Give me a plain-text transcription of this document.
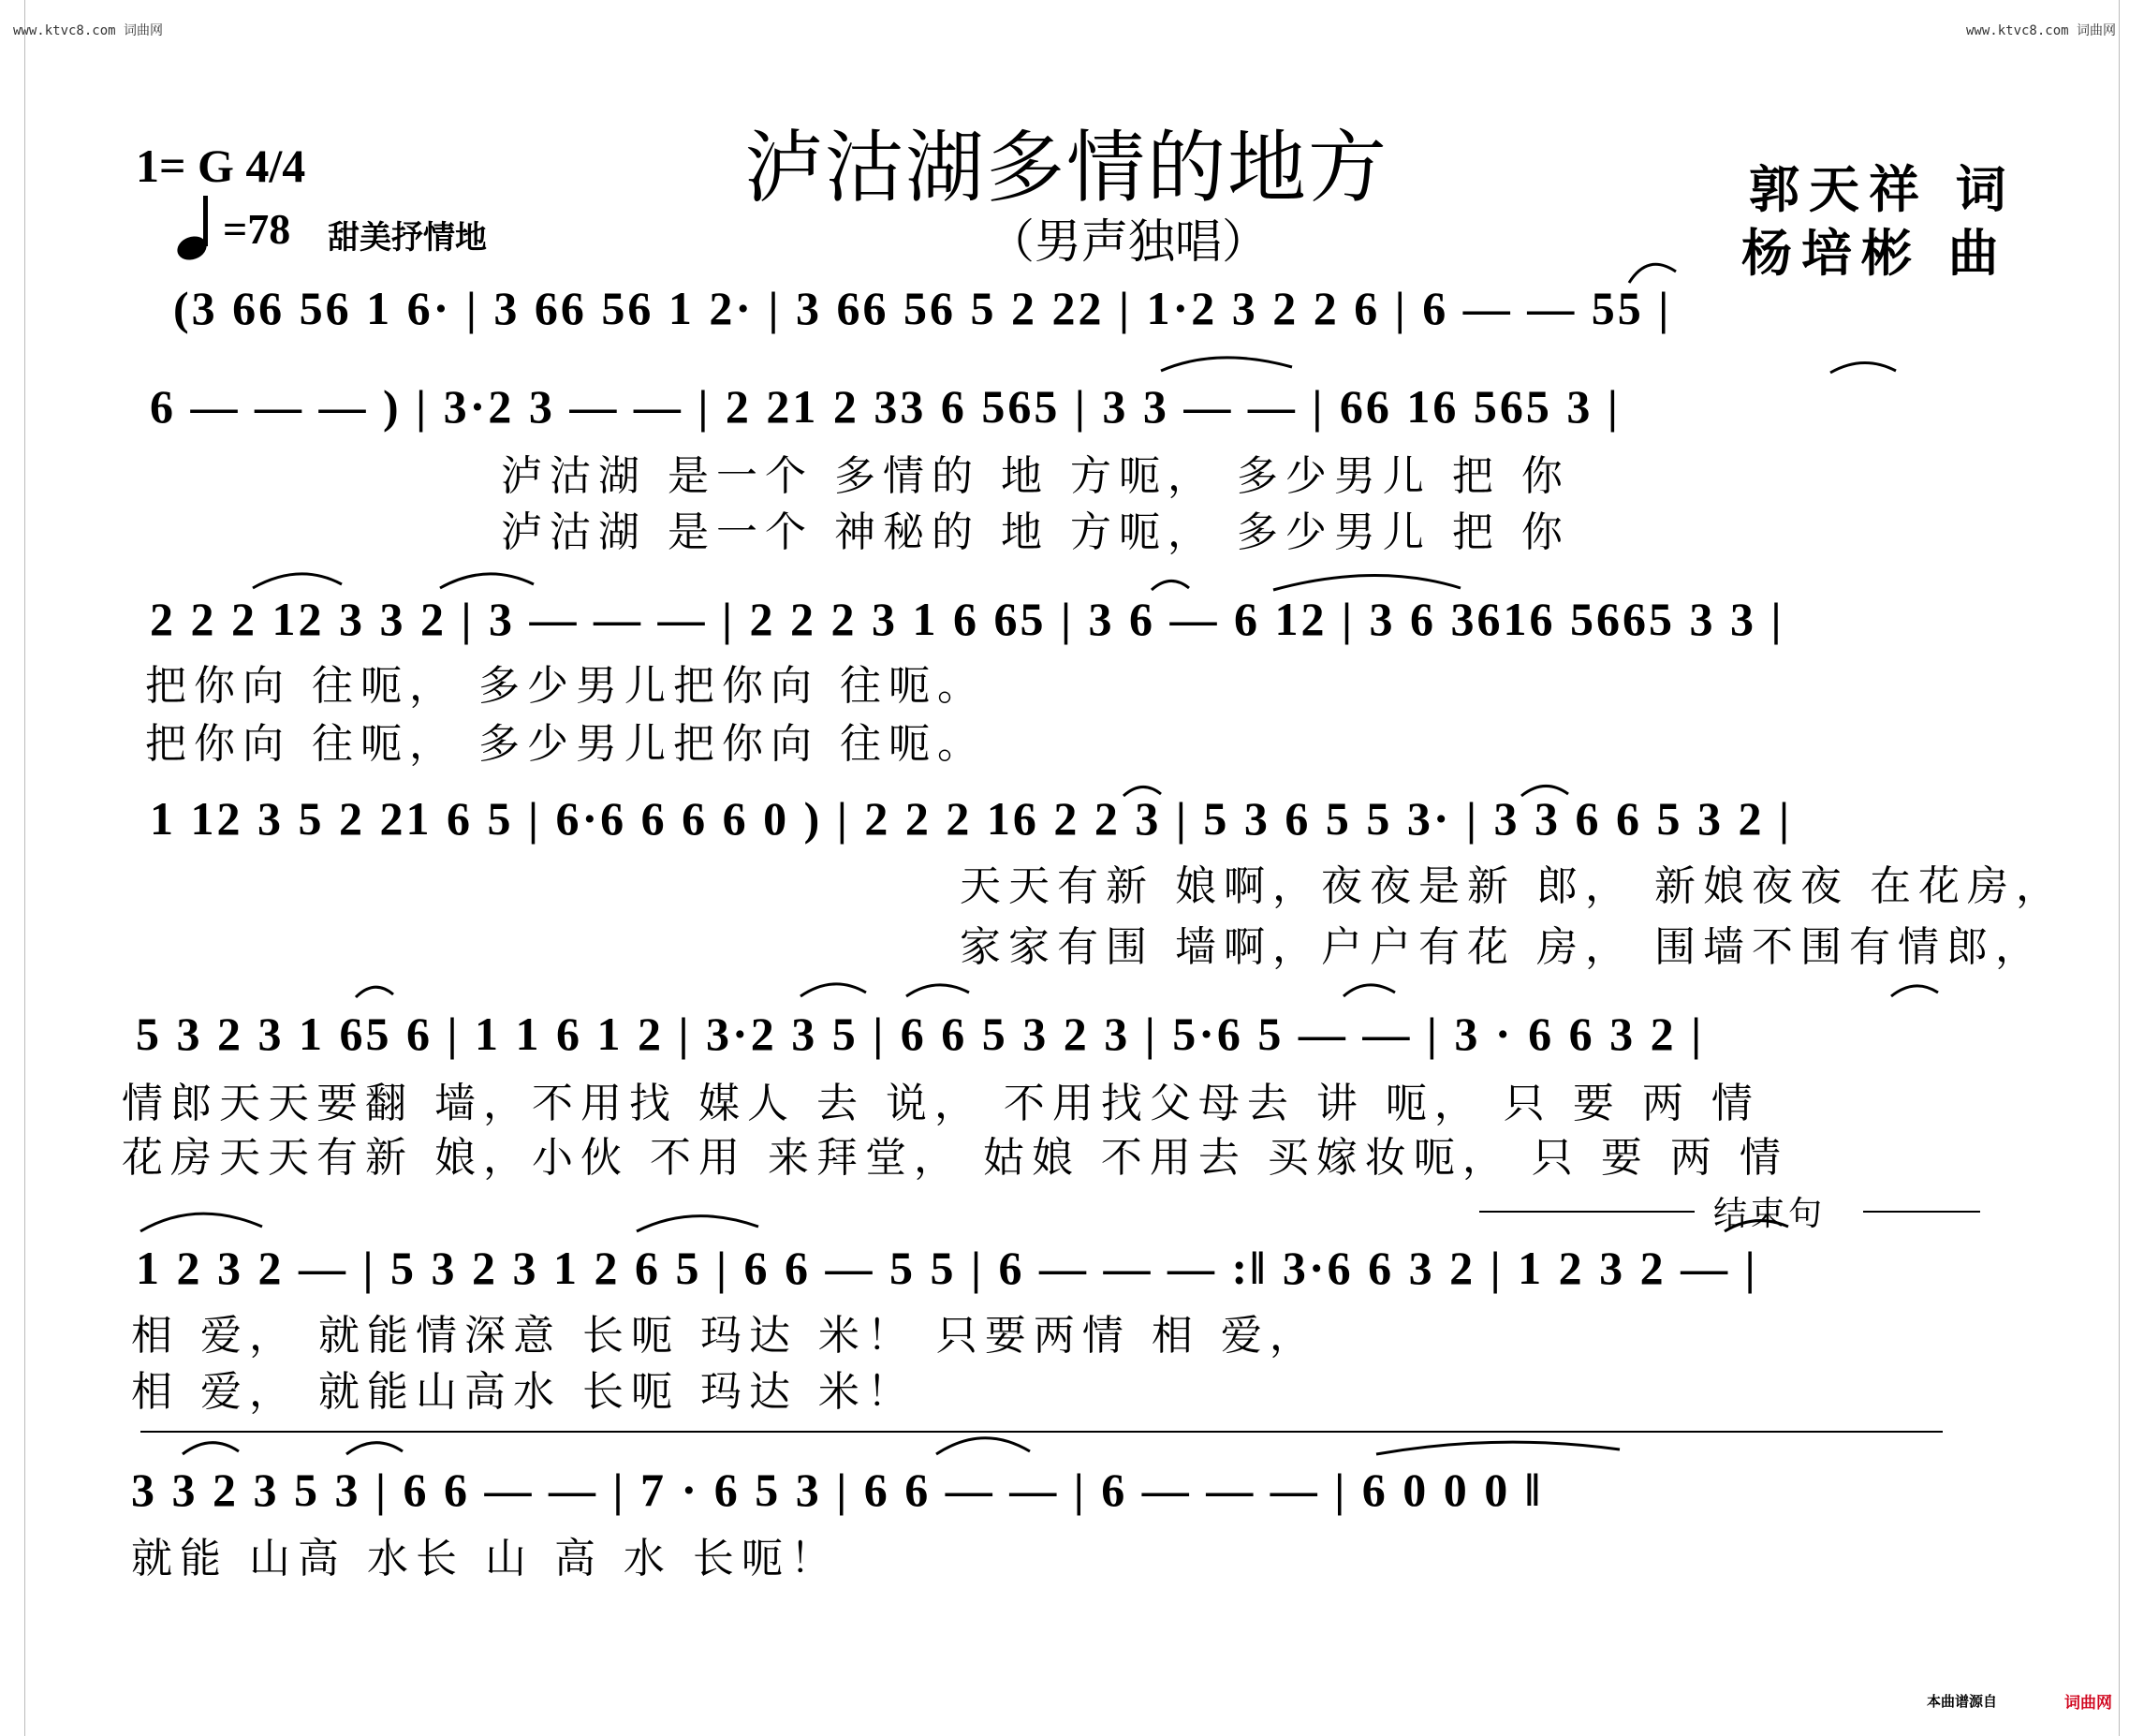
www.ktvc8.com 词曲网	www.ktvc8.com 词曲网
泸沽湖多情的地方
（男声独唱）
1= G 4/4
=78 甜美抒情地
郭天祥 词
杨培彬 曲
(3 66 56 1 6· | 3 66 56 1 2· | 3 66 56 5 2 22 | 1·2 3 2 2 6 | 6 — — 55 |
6 — — — ) | 3·2 3 — — | 2 21 2 33 6 565 | 3 3 — — | 66 16 565 3 |
泸沽湖 是一个 多情的 地 方呃， 多少男儿 把 你
泸沽湖 是一个 神秘的 地 方呃， 多少男儿 把 你
2 2 2 12 3 3 2 | 3 — — — | 2 2 2 3 1 6 65 | 3 6 — 6 12 | 3 6 3616 5665 3 3 |
把你向 往呃， 多少男儿把你向 往呃。
把你向 往呃， 多少男儿把你向 往呃。
1 12 3 5 2 21 6 5 | 6·6 6 6 6 0 ) | 2 2 2 16 2 2 3 | 5 3 6 5 5 3· | 3 3 6 6 5 3 2 |
天天有新 娘啊，夜夜是新 郎， 新娘夜夜 在花房，
家家有围 墙啊，户户有花 房， 围墙不围有情郎，
5 3 2 3 1 65 6 | 1 1 6 1 2 | 3·2 3 5 | 6 6 5 3 2 3 | 5·6 5 — — | 3 · 6 6 3 2 |
情郎天天要翻 墙，不用找 媒人 去 说， 不用找父母去 讲 呃， 只 要 两 情
花房天天有新 娘，小伙 不用 来拜堂， 姑娘 不用去 买嫁妆呃， 只 要 两 情
结束句
1 2 3 2 — | 5 3 2 3 1 2 6 5 | 6 6 — 5 5 | 6 — — — :‖ 3·6 6 3 2 | 1 2 3 2 — |
相 爱， 就能情深意 长呃 玛达 米！ 只要两情 相 爱，
相 爱， 就能山高水 长呃 玛达 米！
3 3 2 3 5 3 | 6 6 — — | 7 · 6 5 3 | 6 6 — — | 6 — — — | 6 0 0 0 ‖
就能 山高 水长 山 高 水 长呃！
本曲谱源自	词曲网
